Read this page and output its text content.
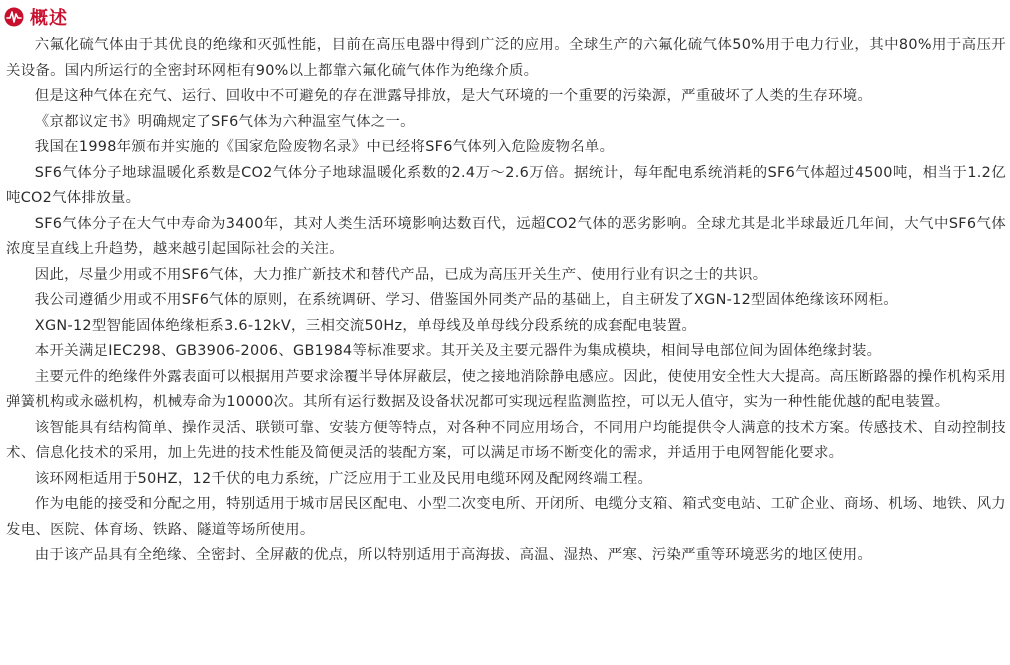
概述

六氟化硫气体由于其优良的绝缘和灭弧性能，目前在高压电器中得到广泛的应用。全球生产的六氟化硫气体50%用于电力行业，其中80%用于高压开关设备。国内所运行的全密封环网柜有90%以上都靠六氟化硫气体作为绝缘介质。

但是这种气体在充气、运行、回收中不可避免的存在泄露导排放，是大气环境的一个重要的污染源，严重破坏了人类的生存环境。

《京都议定书》明确规定了SF6气体为六种温室气体之一。

我国在1998年颁布并实施的《国家危险废物名录》中已经将SF6气体列入危险废物名单。

SF6气体分子地球温暖化系数是CO2气体分子地球温暖化系数的2.4万～2.6万倍。据统计，每年配电系统消耗的SF6气体超过4500吨，相当于1.2亿吨CO2气体排放量。

SF6气体分子在大气中寿命为3400年，其对人类生活环境影响达数百代，远超CO2气体的恶劣影响。全球尤其是北半球最近几年间，大气中SF6气体浓度呈直线上升趋势，越来越引起国际社会的关注。

因此，尽量少用或不用SF6气体，大力推广新技术和替代产品，已成为高压开关生产、使用行业有识之士的共识。

我公司遵循少用或不用SF6气体的原则，在系统调研、学习、借鉴国外同类产品的基础上，自主研发了XGN-12型固体绝缘该环网柜。

XGN-12型智能固体绝缘柜系3.6-12kV，三相交流50Hz，单母线及单母线分段系统的成套配电装置。

本开关满足IEC298、GB3906-2006、GB1984等标准要求。其开关及主要元器件为集成模块，相间导电部位间为固体绝缘封装。

主要元件的绝缘件外露表面可以根据用芦要求涂覆半导体屏蔽层，使之接地消除静电感应。因此，使使用安全性大大提高。高压断路器的操作机构采用弹簧机构或永磁机构，机械寿命为10000次。其所有运行数据及设备状况都可实现远程监测监控，可以无人值守，实为一种性能优越的配电装置。

该智能具有结构简单、操作灵活、联锁可靠、安装方便等特点，对各种不同应用场合，不同用户均能提供令人满意的技术方案。传感技术、自动控制技术、信息化技术的采用，加上先进的技术性能及简便灵活的装配方案，可以满足市场不断变化的需求，并适用于电网智能化要求。

该环网柜适用于50HZ，12千伏的电力系统，广泛应用于工业及民用电缆环网及配网终端工程。

作为电能的接受和分配之用，特别适用于城市居民区配电、小型二次变电所、开闭所、电缆分支箱、箱式变电站、工矿企业、商场、机场、地铁、风力发电、医院、体育场、铁路、隧道等场所使用。

由于该产品具有全绝缘、全密封、全屏蔽的优点，所以特别适用于高海拔、高温、湿热、严寒、污染严重等环境恶劣的地区使用。
